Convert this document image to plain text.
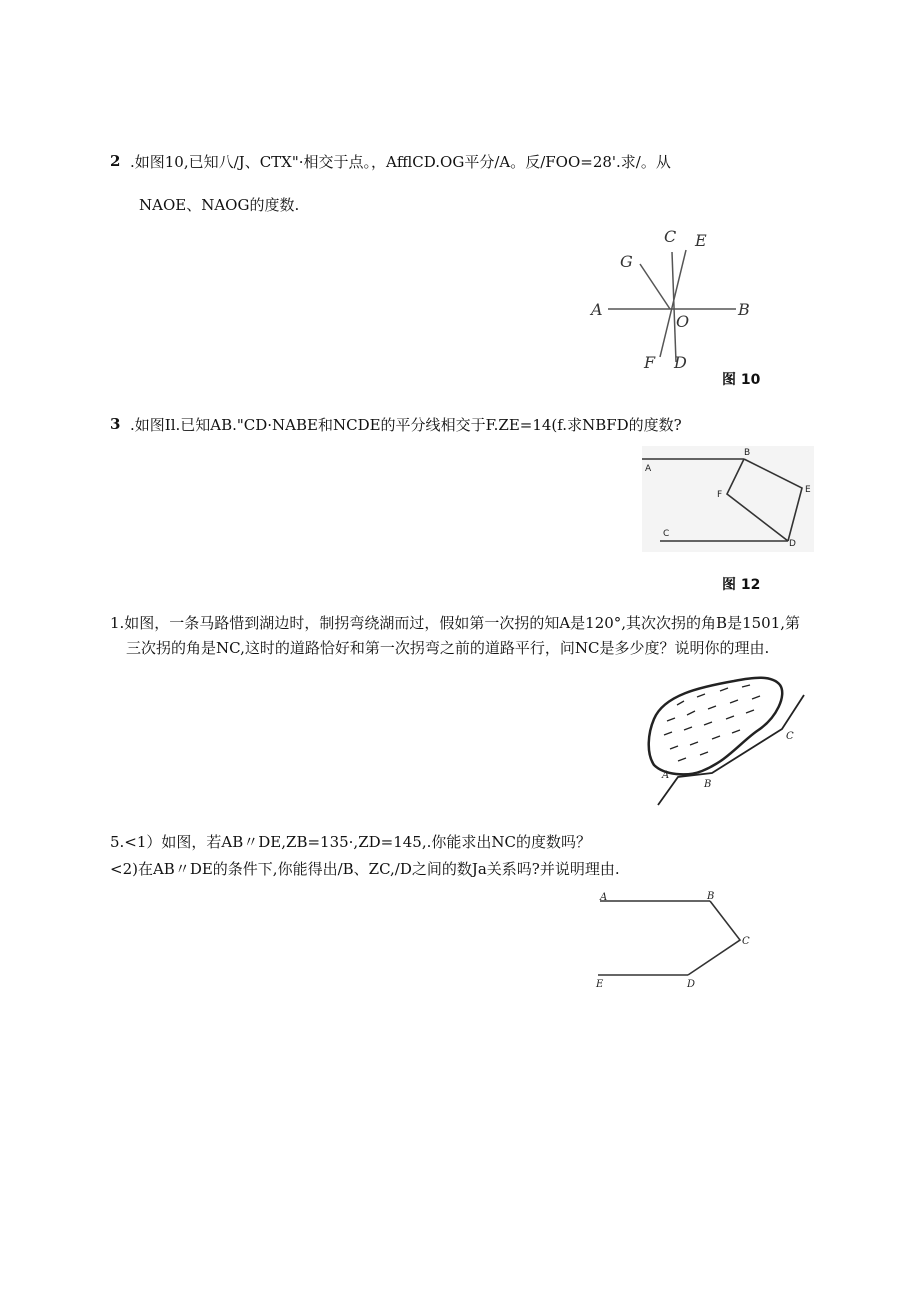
2 .如图10,已知八/J、CTX"·相交于点。，AfflCD.OG平分/A。反/FOO=28'.求/。从
NAOE、NAOG的度数.
A	B
C
D
E
F
G
O
图 10
3 .如图Il.已知AB."CD·NABE和NCDE的平分线相交于F.ZE=14(f.求NBFD的度数?
A
B
C
D
E
F
图 12
1.如图，一条马路惜到湖边时，制拐弯绕湖而过，假如第一次拐的知A是120°,其次次拐的角B是1501,第
三次拐的角是NC,这时的道路恰好和第一次拐弯之前的道路平行，问NC是多少度？说明你的理由.
A
B
C
5.<1）如图，若AB〃DE,ZB=135·,ZD=145,.你能求出NC的度数吗？
<2)在AB〃DE的条件下,你能得出/B、ZC,/D之间的数Ja关系吗?并说明理由.
A	B
C
D
E
